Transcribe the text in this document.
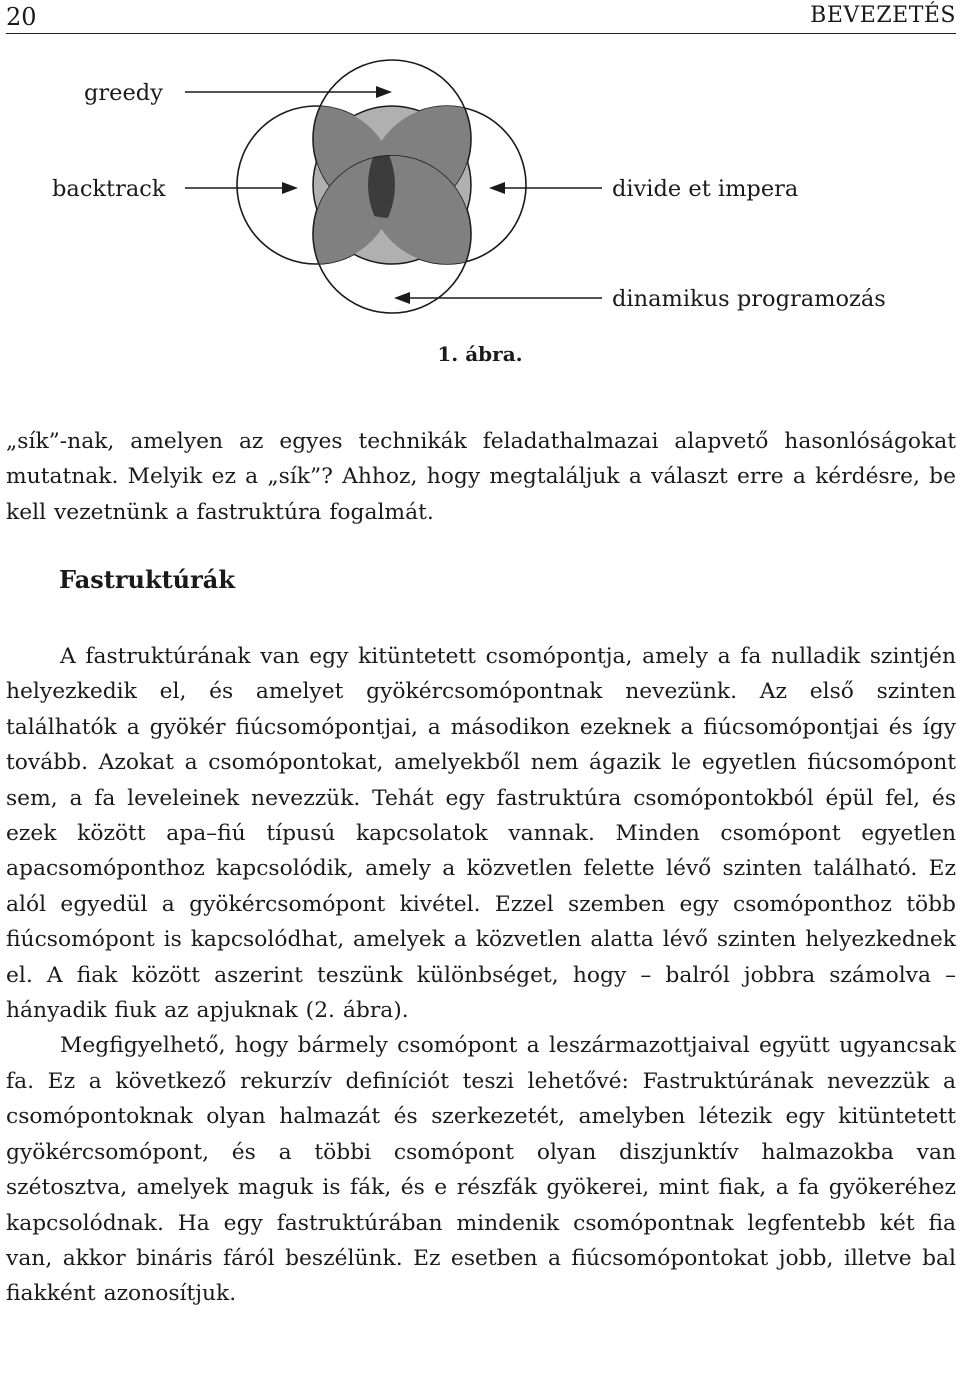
20	BEVEZETÉS
greedy
backtrack	divide et impera
dinamikus programozás
1. ábra.

„sík”-nak, amelyen az egyes technikák feladathalmazai alapvető hasonlóságokat mutatnak. Melyik ez a „sík”? Ahhoz, hogy megtaláljuk a választ erre a kérdésre, be kell vezetnünk a fastruktúra fogalmát.

Fastruktúrák

A fastruktúrának van egy kitüntetett csomópontja, amely a fa nulladik szintjén helyezkedik el, és amelyet gyökércsomópontnak nevezünk. Az első szinten találhatók a gyökér fiúcsomópontjai, a másodikon ezeknek a fiúcsomópontjai és így tovább. Azokat a csomópontokat, amelyekből nem ágazik le egyetlen fiúcsomópont sem, a fa leveleinek nevezzük. Tehát egy fastruktúra csomópontokból épül fel, és ezek között apa–fiú típusú kapcsolatok vannak. Minden csomópont egyetlen apacsomóponthoz kapcsolódik, amely a közvetlen felette lévő szinten található. Ez alól egyedül a gyökércsomópont kivétel. Ezzel szemben egy csomóponthoz több fiúcsomópont is kapcsolódhat, amelyek a közvetlen alatta lévő szinten helyezkednek el. A fiak között aszerint teszünk különbséget, hogy – balról jobbra számolva – hányadik fiuk az apjuknak (2. ábra).

Megfigyelhető, hogy bármely csomópont a leszármazottjaival együtt ugyancsak fa. Ez a következő rekurzív definíciót teszi lehetővé: Fastruktúrának nevezzük a csomópontoknak olyan halmazát és szerkezetét, amelyben létezik egy kitüntetett gyökércsomópont, és a többi csomópont olyan diszjunktív halmazokba van szétosztva, amelyek maguk is fák, és e részfák gyökerei, mint fiak, a fa gyökeréhez kapcsolódnak. Ha egy fastruktúrában mindenik csomópontnak legfentebb két fia van, akkor bináris fáról beszélünk. Ez esetben a fiúcsomópontokat jobb, illetve bal fiakként azonosítjuk.
